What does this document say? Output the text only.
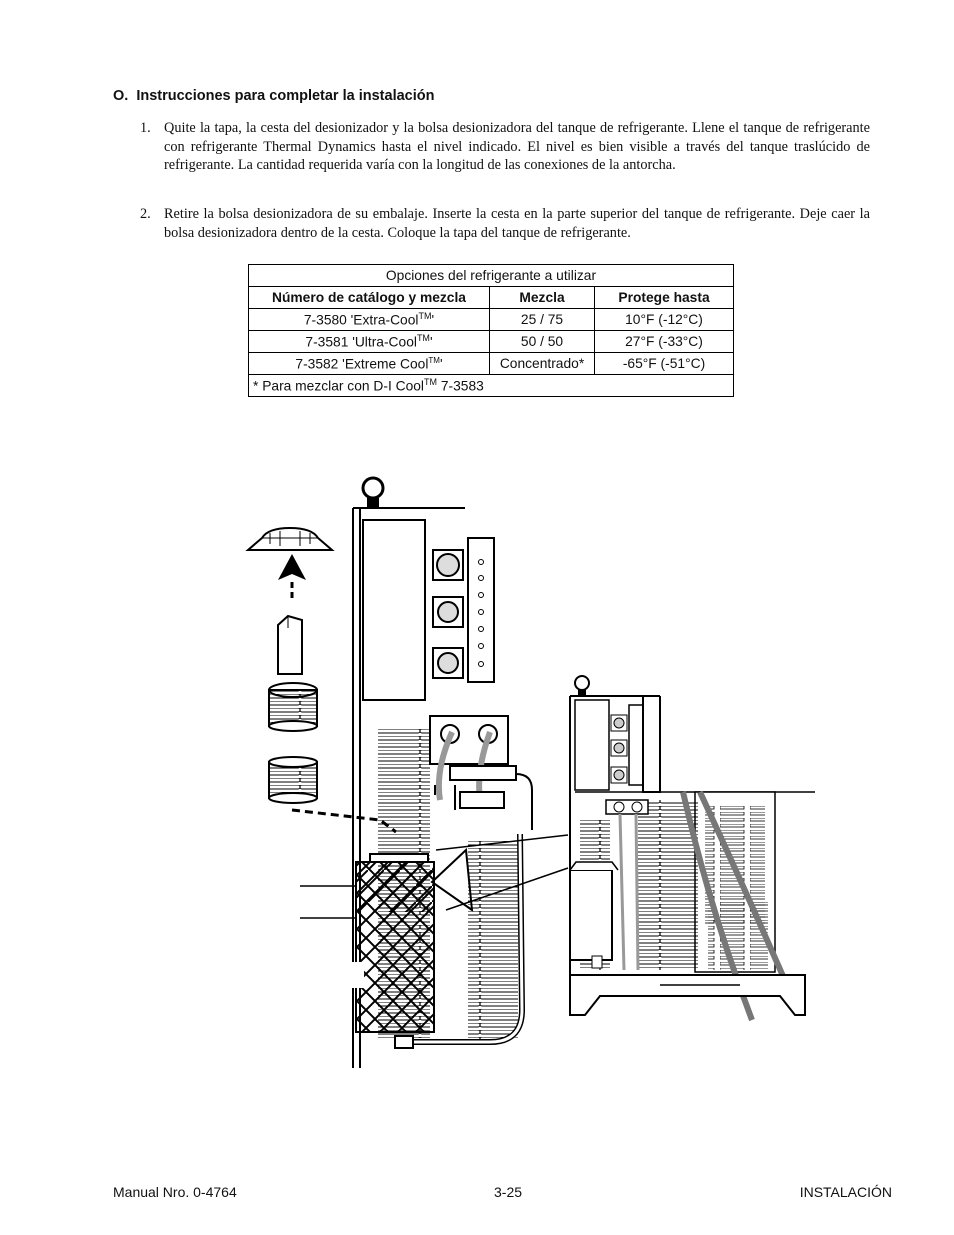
O. Instrucciones para completar la instalación
1. Quite la tapa, la cesta del desionizador y la bolsa desionizadora del tanque de refrigerante. Llene el tanque de refrigerante con refrigerante Thermal Dynamics hasta el nivel indicado. El nivel es bien visible a través del tanque traslúcido de refrigerante. La cantidad requerida varía con la longitud de las conexiones de la antorcha.
2. Retire la bolsa desionizadora de su embalaje. Inserte la cesta en la parte superior del tanque de refrigerante. Deje caer la bolsa desionizadora dentro de la cesta. Coloque la tapa del tanque de refrigerante.
Opciones del refrigerante a utilizar		
Número de catálogo y mezcla	Mezcla	Protege hasta
7-3580 'Extra-Cool™'	25 / 75	10°F (-12°C)
7-3581 'Ultra-Cool™'	50 / 50	27°F (-33°C)
7-3582 'Extreme Cool™'	Concentrado*	-65°F (-51°C)
* Para mezclar con D-I Cool™ 7-3583		
Manual Nro. 0-4764	3-25	INSTALACIÓN
